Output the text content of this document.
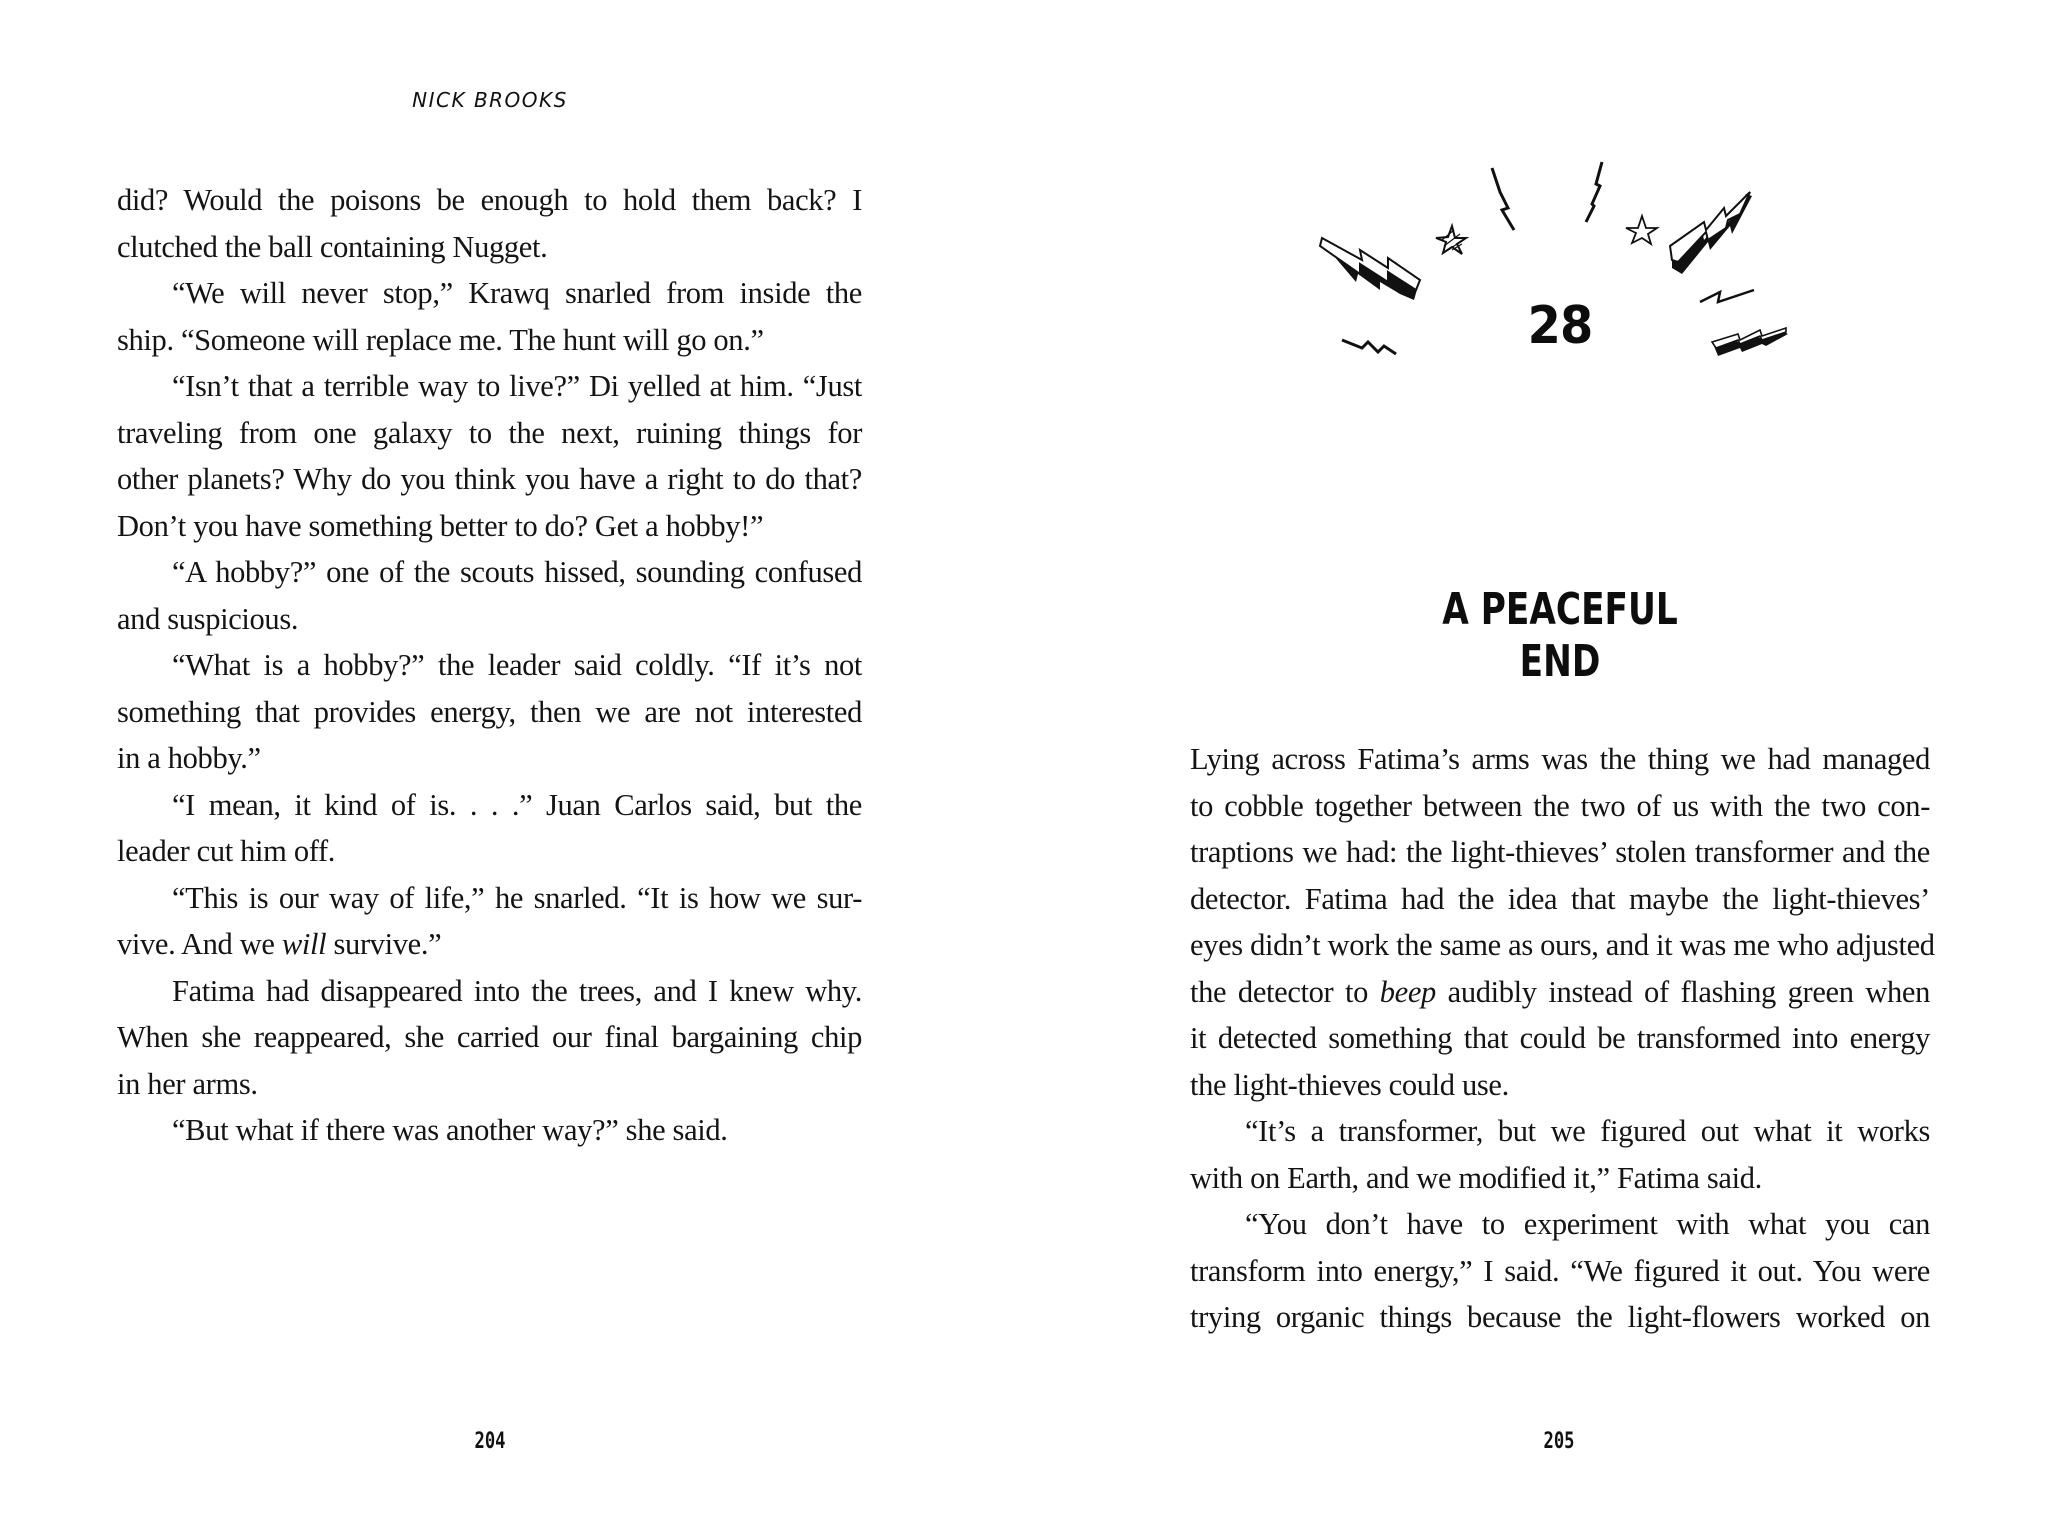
NICK BROOKS
did? Would the poisons be enough to hold them back? I
clutched the ball containing Nugget.
“We will never stop,” Krawq snarled from inside the
ship. “Someone will replace me. The hunt will go on.”
“Isn’t that a terrible way to live?” Di yelled at him. “Just
traveling from one galaxy to the next, ruining things for
other planets? Why do you think you have a right to do that?
Don’t you have something better to do? Get a hobby!”
“A hobby?” one of the scouts hissed, sounding confused
and suspicious.
“What is a hobby?” the leader said coldly. “If it’s not
something that provides energy, then we are not interested
in a hobby.”
“I mean, it kind of is. . . .” Juan Carlos said, but the
leader cut him off.
“This is our way of life,” he snarled. “It is how we sur-
vive. And we will survive.”
Fatima had disappeared into the trees, and I knew why.
When she reappeared, she carried our final bargaining chip
in her arms.
“But what if there was another way?” she said.
204
28
A PEACEFUL END
Lying across Fatima’s arms was the thing we had managed
to cobble together between the two of us with the two con-
traptions we had: the light-thieves’ stolen transformer and the
detector. Fatima had the idea that maybe the light-thieves’
eyes didn’t work the same as ours, and it was me who adjusted
the detector to beep audibly instead of flashing green when
it detected something that could be transformed into energy
the light-thieves could use.
“It’s a transformer, but we figured out what it works
with on Earth, and we modified it,” Fatima said.
“You don’t have to experiment with what you can
transform into energy,” I said. “We figured it out. You were
trying organic things because the light-flowers worked on
205
